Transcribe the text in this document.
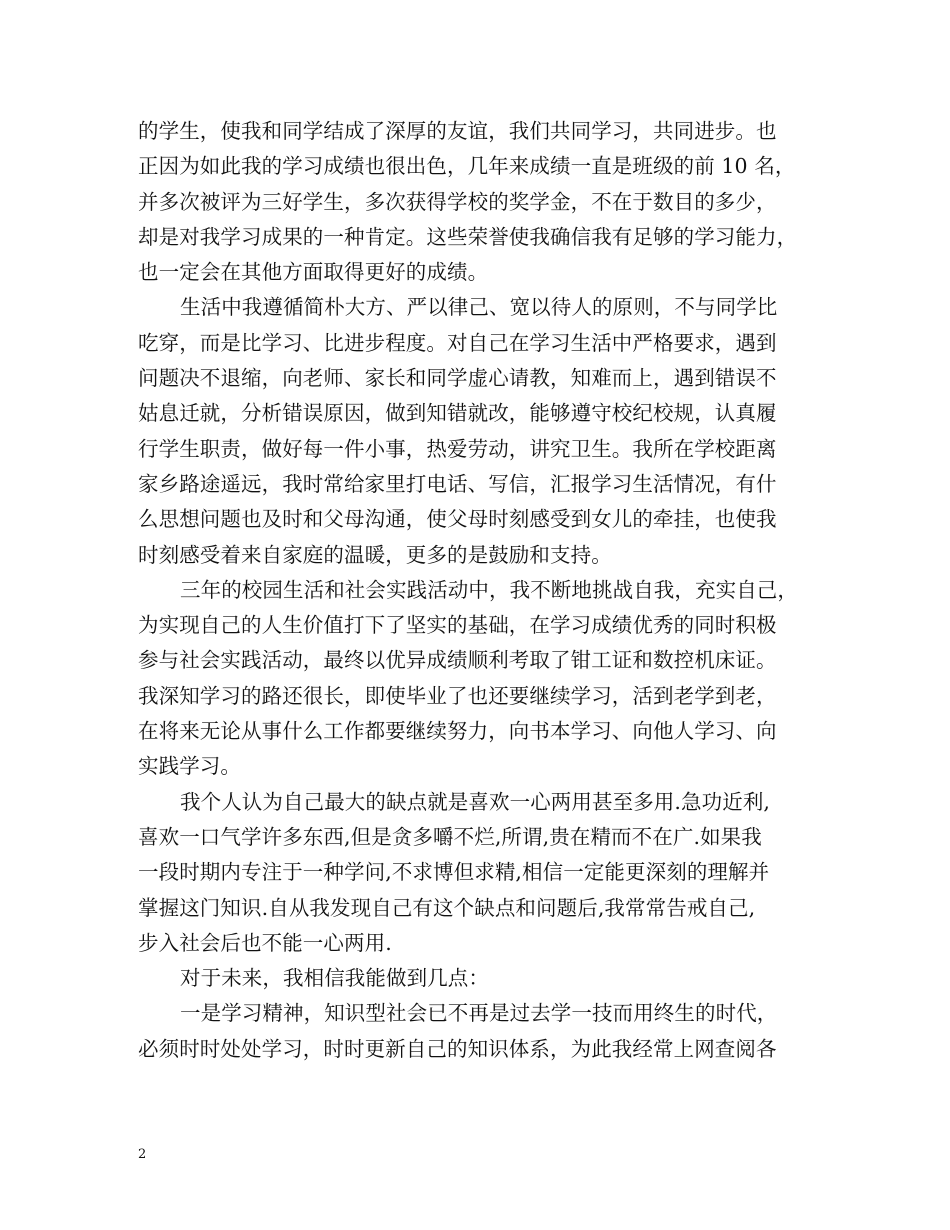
的学生，使我和同学结成了深厚的友谊，我们共同学习，共同进步。也
正因为如此我的学习成绩也很出色，几年来成绩一直是班级的前 10 名，
并多次被评为三好学生，多次获得学校的奖学金，不在于数目的多少，
却是对我学习成果的一种肯定。这些荣誉使我确信我有足够的学习能力，
也一定会在其他方面取得更好的成绩。
生活中我遵循简朴大方、严以律己、宽以待人的原则，不与同学比
吃穿，而是比学习、比进步程度。对自己在学习生活中严格要求，遇到
问题决不退缩，向老师、家长和同学虚心请教，知难而上，遇到错误不
姑息迁就，分析错误原因，做到知错就改，能够遵守校纪校规，认真履
行学生职责，做好每一件小事，热爱劳动，讲究卫生。我所在学校距离
家乡路途遥远，我时常给家里打电话、写信，汇报学习生活情况，有什
么思想问题也及时和父母沟通，使父母时刻感受到女儿的牵挂，也使我
时刻感受着来自家庭的温暖，更多的是鼓励和支持。
三年的校园生活和社会实践活动中，我不断地挑战自我，充实自己，
为实现自己的人生价值打下了坚实的基础，在学习成绩优秀的同时积极
参与社会实践活动，最终以优异成绩顺利考取了钳工证和数控机床证。
我深知学习的路还很长，即使毕业了也还要继续学习，活到老学到老，
在将来无论从事什么工作都要继续努力，向书本学习、向他人学习、向
实践学习。
我个人认为自己最大的缺点就是喜欢一心两用甚至多用.急功近利,
喜欢一口气学许多东西,但是贪多嚼不烂,所谓,贵在精而不在广.如果我
一段时期内专注于一种学问,不求博但求精,相信一定能更深刻的理解并
掌握这门知识.自从我发现自己有这个缺点和问题后,我常常告戒自己,
步入社会后也不能一心两用.
对于未来，我相信我能做到几点：
一是学习精神，知识型社会已不再是过去学一技而用终生的时代，
必须时时处处学习，时时更新自己的知识体系，为此我经常上网查阅各
2
